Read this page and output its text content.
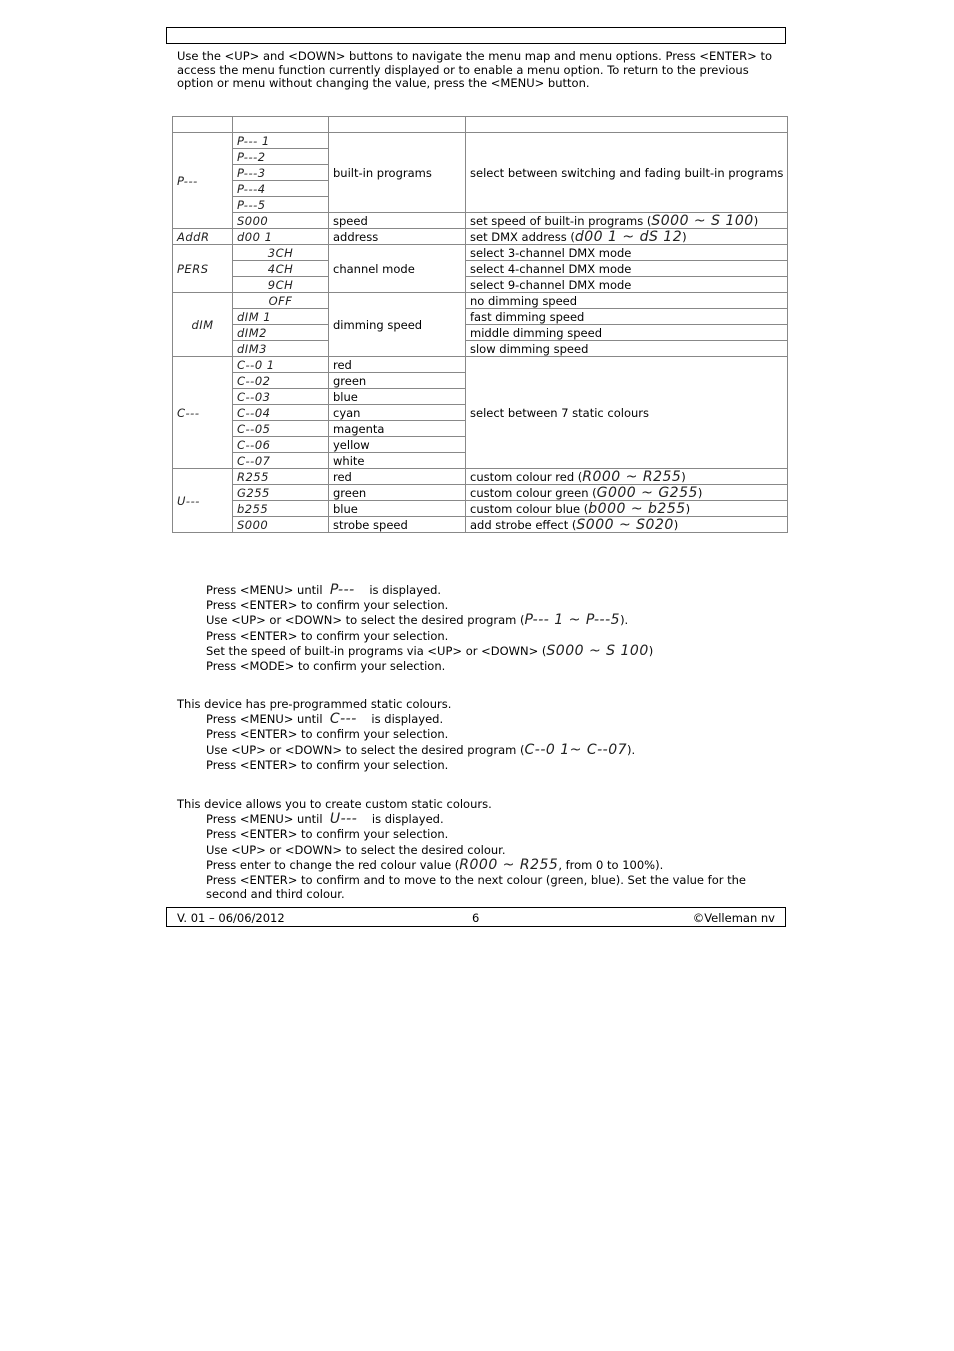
Use the <UP> and <DOWN> buttons to navigate the menu map and menu options. Press <ENTER> to access the menu function currently displayed or to enable a menu option. To return to the previous option or menu without changing the value, press the <MENU> button.

P---	P--- 1	built-in programs	select between switching and fading built-in programs
	P---2		
	P---3		
	P---4		
	P---5		
	S000	speed	set speed of built-in programs (S000 ~ S 100)
AddR	d00 1	address	set DMX address (d00 1 ~ dS 12)
PERS	3CH	channel mode	select 3-channel DMX mode
	4CH		select 4-channel DMX mode
	9CH		select 9-channel DMX mode
dIM	OFF	dimming speed	no dimming speed
	dIM 1		fast dimming speed
	dIM2		middle dimming speed
	dIM3		slow dimming speed
C---	C--0 1	red	select between 7 static colours
	C--02	green	
	C--03	blue	
	C--04	cyan	
	C--05	magenta	
	C--06	yellow	
	C--07	white	
U---	R255	red	custom colour red (R000 ~ R255)
	G255	green	custom colour green (G000 ~ G255)
	b255	blue	custom colour blue (b000 ~ b255)
	S000	strobe speed	add strobe effect (S000 ~ S020)
Press <MENU> until P--- is displayed.
Press <ENTER> to confirm your selection.
Use <UP> or <DOWN> to select the desired program (P--- 1 ~ P---5).
Press <ENTER> to confirm your selection.
Set the speed of built-in programs via <UP> or <DOWN> (S000 ~ S 100)
Press <MODE> to confirm your selection.
This device has pre-programmed static colours.
Press <MENU> until C--- is displayed.
Press <ENTER> to confirm your selection.
Use <UP> or <DOWN> to select the desired program (C--0 1~ C--07).
Press <ENTER> to confirm your selection.
This device allows you to create custom static colours.
Press <MENU> until U--- is displayed.
Press <ENTER> to confirm your selection.
Use <UP> or <DOWN> to select the desired colour.
Press enter to change the red colour value (R000 ~ R255, from 0 to 100%).
Press <ENTER> to confirm and to move to the next colour (green, blue). Set the value for the
second and third colour.
V. 01 – 06/06/2012	6	©Velleman nv
